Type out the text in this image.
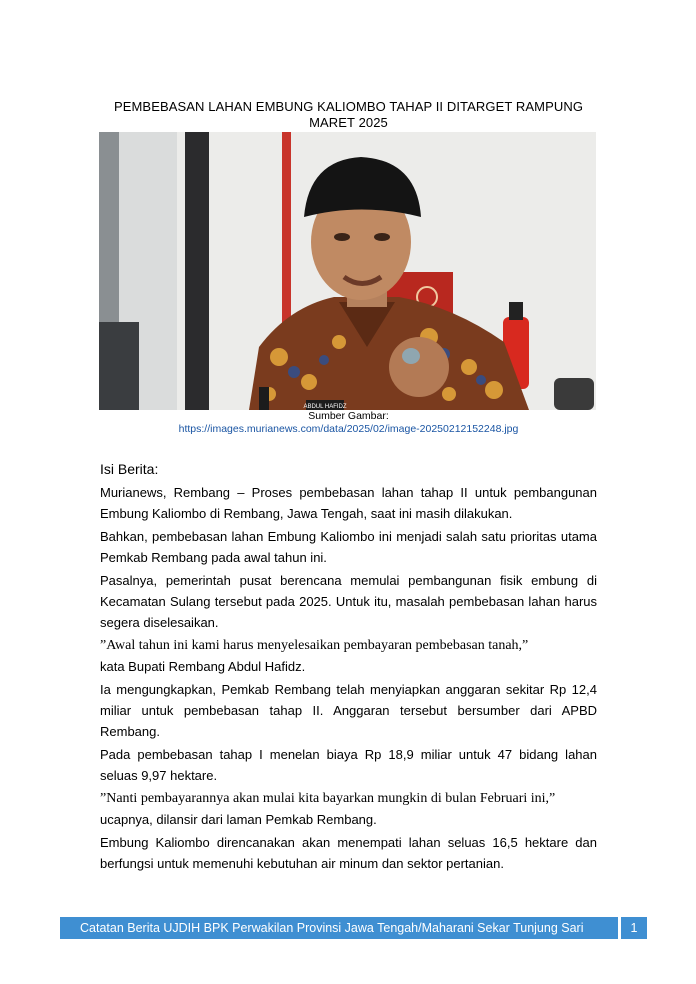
PEMBEBASAN LAHAN EMBUNG KALIOMBO TAHAP II DITARGET RAMPUNG MARET 2025
ABDUL HAFIDZ
Sumber Gambar:
https://images.murianews.com/data/2025/02/image-20250212152248.jpg
Isi Berita:

Murianews, Rembang – Proses pembebasan lahan tahap II untuk pembangunan Embung Kaliombo di Rembang, Jawa Tengah, saat ini masih dilakukan.

Bahkan, pembebasan lahan Embung Kaliombo ini menjadi salah satu prioritas utama Pemkab Rembang pada awal tahun ini.

Pasalnya, pemerintah pusat berencana memulai pembangunan fisik embung di Kecamatan Sulang tersebut pada 2025. Untuk itu, masalah pembebasan lahan harus segera diselesaikan.

”Awal tahun ini kami harus menyelesaikan pembayaran pembebasan tanah,”

kata Bupati Rembang Abdul Hafidz.

Ia mengungkapkan, Pemkab Rembang telah menyiapkan anggaran sekitar Rp 12,4 miliar untuk pembebasan tahap II. Anggaran tersebut bersumber dari APBD Rembang.

Pada pembebasan tahap I menelan biaya Rp 18,9 miliar untuk 47 bidang lahan seluas 9,97 hektare.

”Nanti pembayarannya akan mulai kita bayarkan mungkin di bulan Februari ini,”

ucapnya, dilansir dari laman Pemkab Rembang.

Embung Kaliombo direncanakan akan menempati lahan seluas 16,5 hektare dan berfungsi untuk memenuhi kebutuhan air minum dan sektor pertanian.

Catatan Berita UJDIH BPK Perwakilan Provinsi Jawa Tengah/Maharani Sekar Tunjung Sari	1
